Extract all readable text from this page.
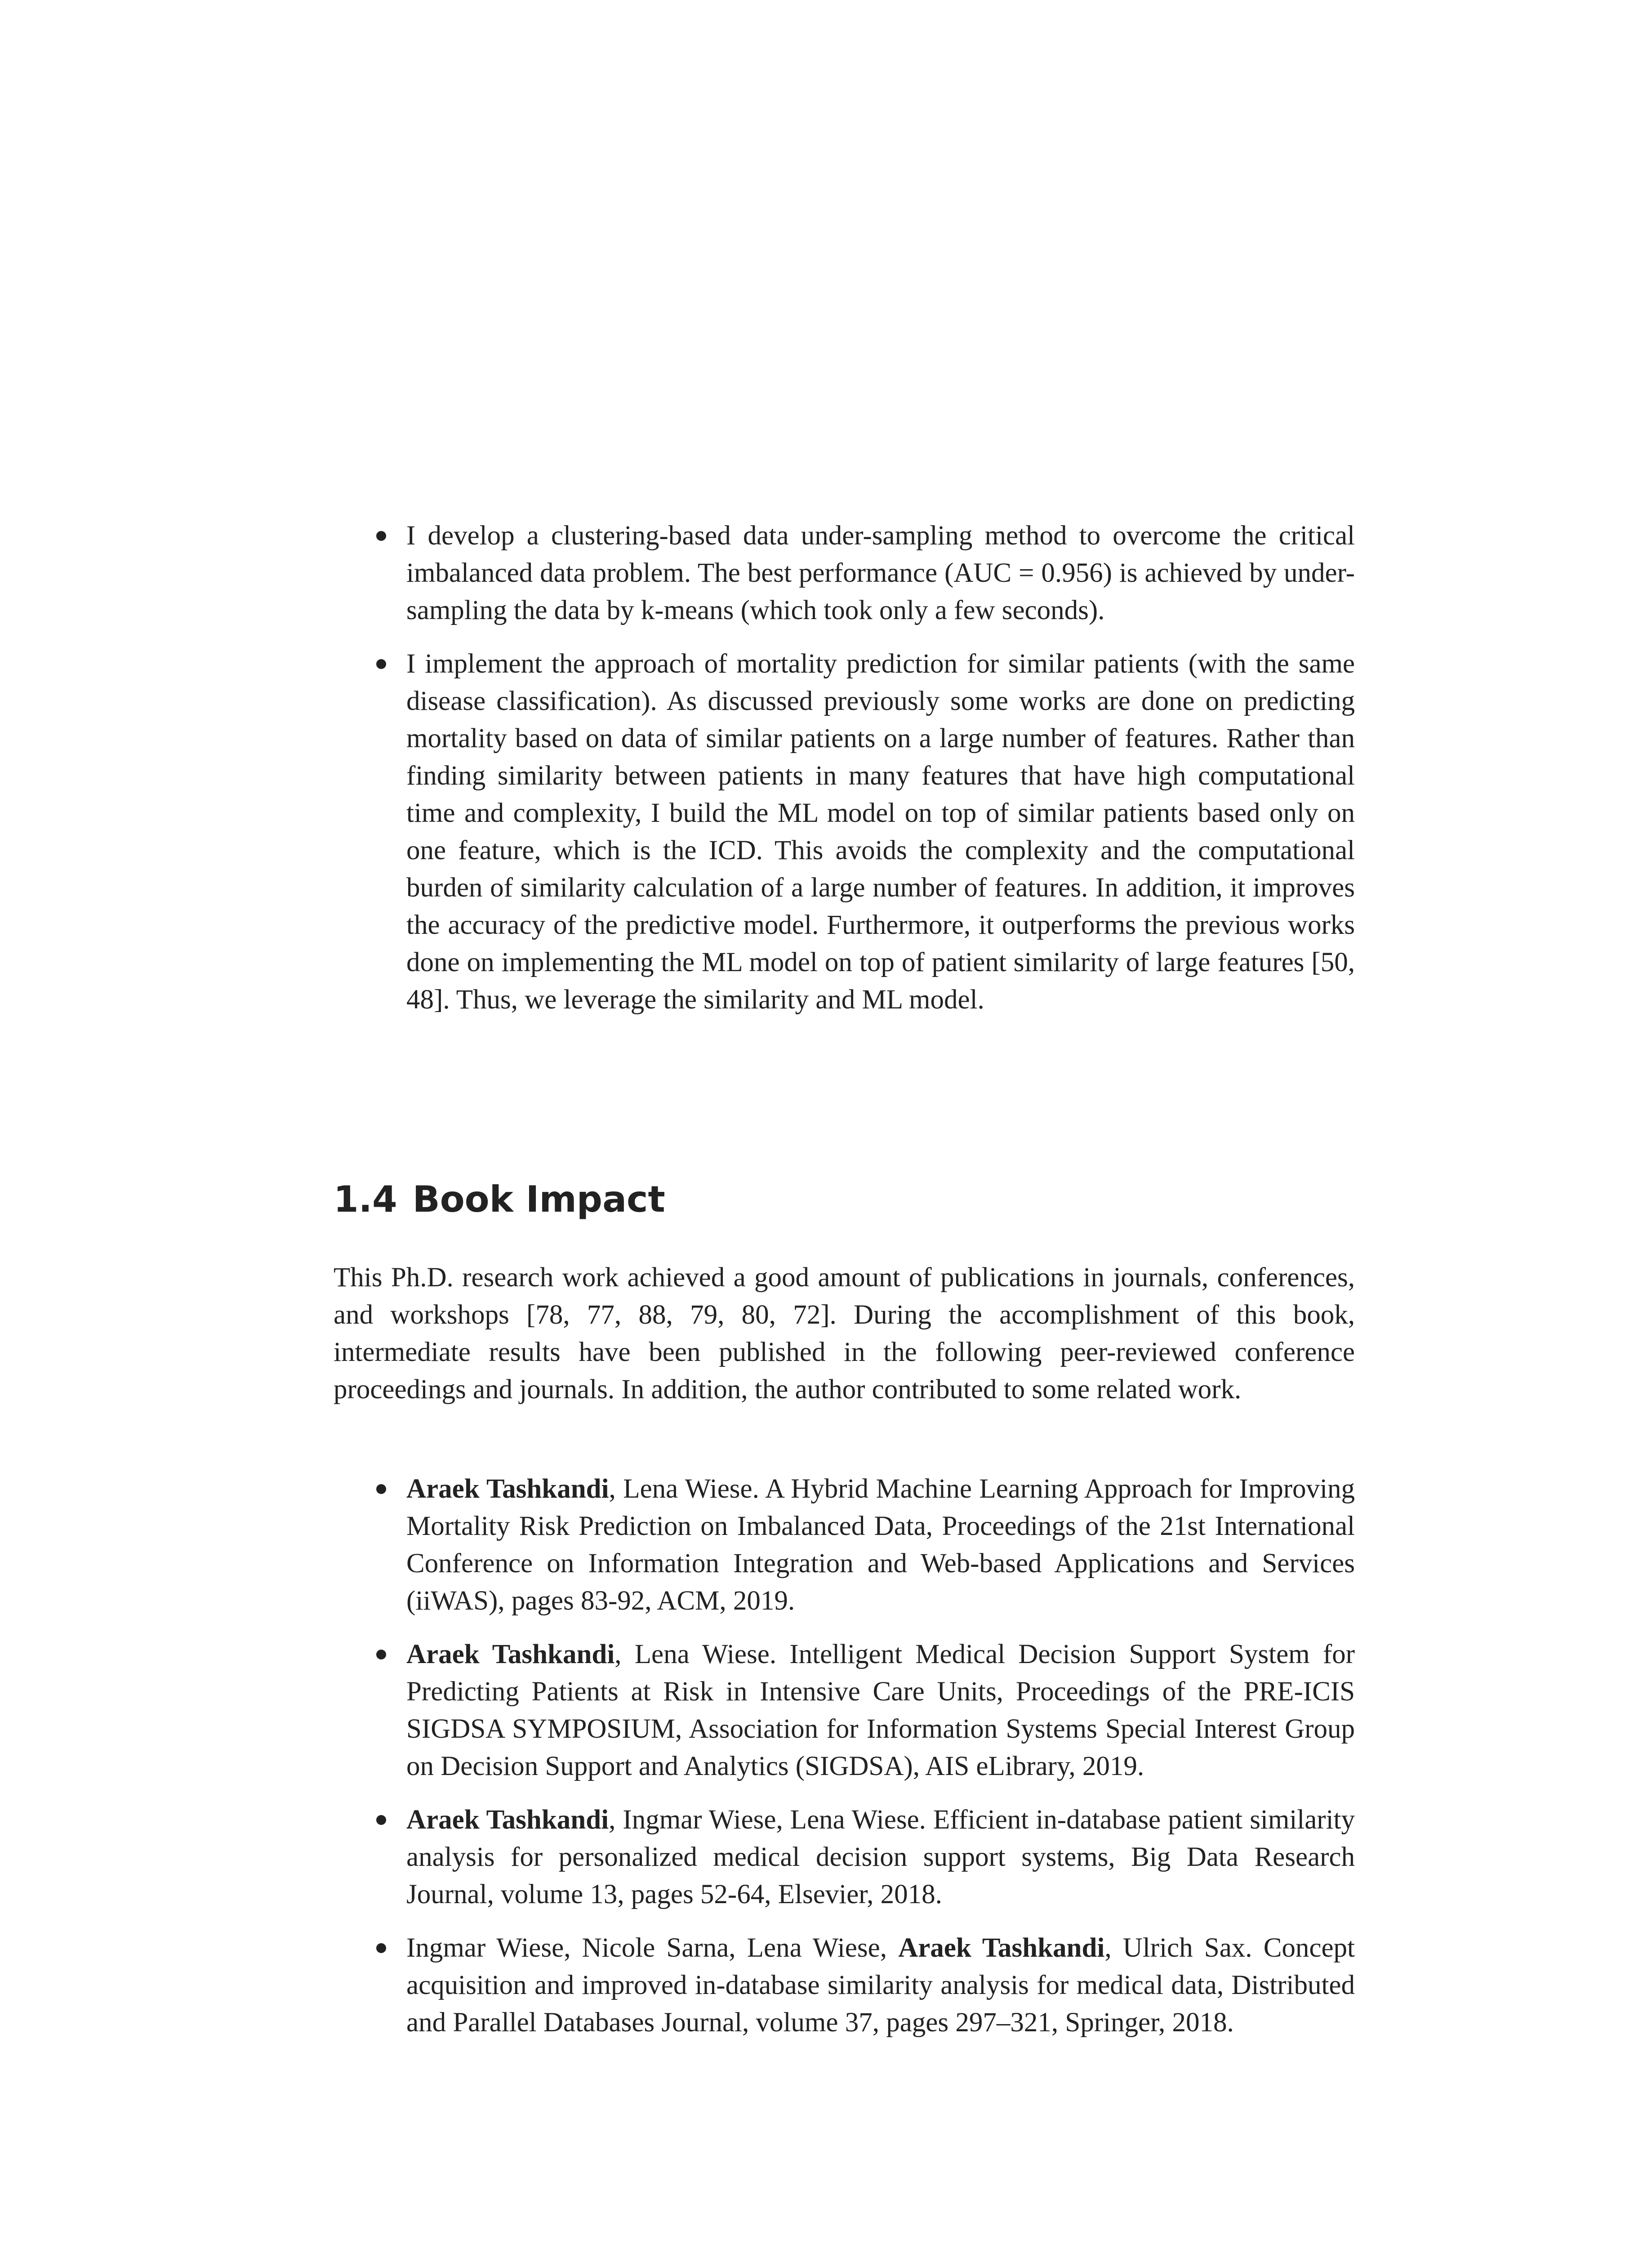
I develop a clustering-based data under-sampling method to overcome the critical imbalanced data problem. The best performance (AUC = 0.956) is achieved by under-sampling the data by k-means (which took only a few seconds).
I implement the approach of mortality prediction for similar patients (with the same disease classification). As discussed previously some works are done on predicting mortality based on data of similar patients on a large number of features. Rather than finding similarity between patients in many features that have high computational time and complexity, I build the ML model on top of similar patients based only on one feature, which is the ICD. This avoids the complexity and the computational burden of similarity calculation of a large number of features. In addition, it improves the accuracy of the predictive model. Furthermore, it outperforms the previous works done on implementing the ML model on top of patient similarity of large features [50, 48]. Thus, we leverage the similarity and ML model.
1.4 Book Impact

This Ph.D. research work achieved a good amount of publications in journals, conferences, and workshops [78, 77, 88, 79, 80, 72]. During the accomplishment of this book, intermediate results have been published in the following peer-reviewed conference proceedings and journals. In addition, the author contributed to some related work.

Araek Tashkandi, Lena Wiese. A Hybrid Machine Learning Approach for Improving Mortality Risk Prediction on Imbalanced Data, Proceedings of the 21st International Conference on Information Integration and Web-based Applications and Services (iiWAS), pages 83-92, ACM, 2019.
Araek Tashkandi, Lena Wiese. Intelligent Medical Decision Support System for Predicting Patients at Risk in Intensive Care Units, Proceedings of the PRE-ICIS SIGDSA SYMPOSIUM, Association for Information Systems Special Interest Group on Decision Support and Analytics (SIGDSA), AIS eLibrary, 2019.
Araek Tashkandi, Ingmar Wiese, Lena Wiese. Efficient in-database patient similarity analysis for personalized medical decision support systems, Big Data Research Journal, volume 13, pages 52-64, Elsevier, 2018.
Ingmar Wiese, Nicole Sarna, Lena Wiese, Araek Tashkandi, Ulrich Sax. Concept acquisition and improved in-database similarity analysis for medical data, Distributed and Parallel Databases Journal, volume 37, pages 297–321, Springer, 2018.
